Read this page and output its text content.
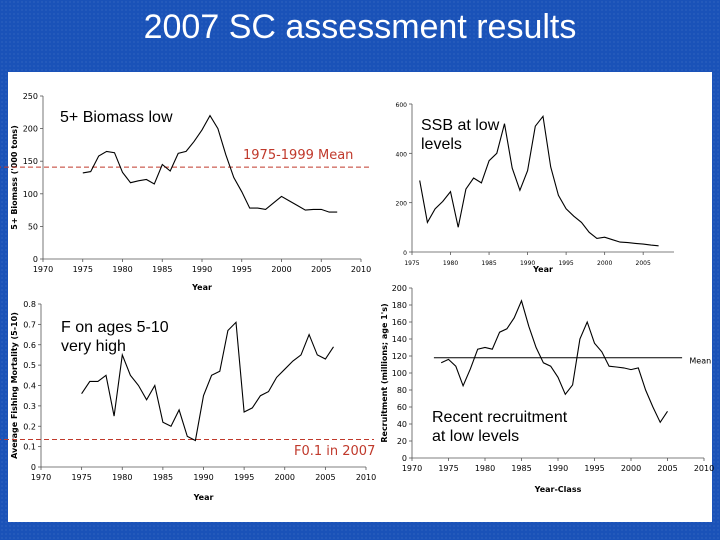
2007 SC assessment results
0
50
100
150
200
250
1970 1975 1980 1985 1990 1995 2000 2005 2010
Year
5+ Biomass ('000 tons)
0
200
400
600
1975	1980	1985	1990	1995	2000	2005
Year
0
0.1
0.2
0.3
0.4
0.5
0.6
0.7
0.8
1970	1975	1980	1985	1990	1995	2000	2005	2010
Year
Average Fishing Mortality (5-10)	0
20
40
60
80
100
120
140
160
180
200
1970 1975 1980 1985 1990 1995 2000 2005 2010
Year-Class
Recruitment (millions; age 1's)	Mean
5+ Biomass low
1975-1999 Mean
SSB at low
levels
F on ages 5-10
very high
F0.1 in 2007
Recent recruitment
at low levels
